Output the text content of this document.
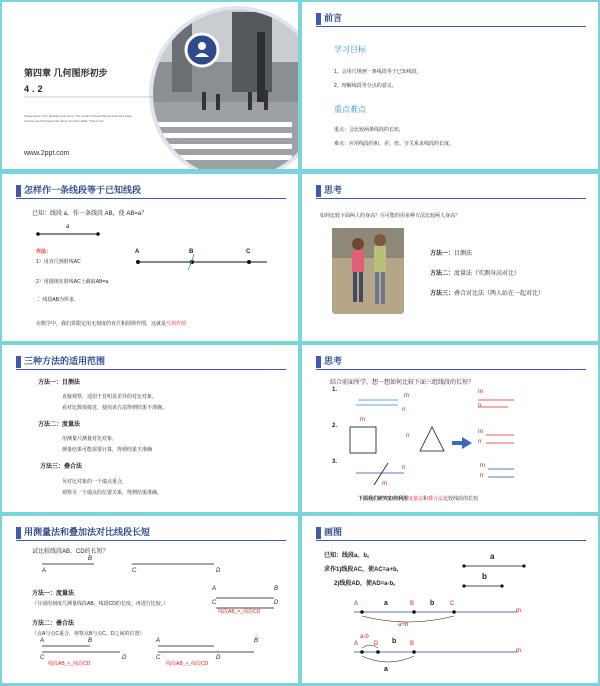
第四章 几何图形初步
4.2
Please Enter Your Detailed Text Here, The Content Should Be Concise And Clear,
Concise And Not Need Too Much Text Per Slide. Thank You!
www.2ppt.com
前言
学习目标
1、会用尺规画一条线段等于已知线段，
2、理解线段等分点的意义。
重点难点
重点：会比较两条线段的长短，
难点：应用线段的和、差、倍、分关系求线段的长度。
怎样作一条线段等于已知线段
已知：线段 a，作一条线段 AB，使 AB=a？
a
A	B	C
作法：
1）用直尺画射线AC
2）用圆规在射线AC上截取AB=a.
∴ 线段AB为所求.
在数学中，我们常限定用无刻度的直尺和圆规作图，这就是尺规作图
思考
如何比较下面两人的身高？尽可能的用多种方法比较两人身高？
方法一：目测法
方法二：度量法（实测身高对比）
方法三：叠合对比法（两人站在一起对比）
三种方法的适用范围
方法一：目测法
直接观察，适用于有明显差异的对比对象，
看对比数值接近，使用该方法得到结果不准确。
方法二：度量法
用测量尺测量对比对象，
测量结果可能需要计算，得到结果不准确
方法三：叠合法
另对比对象的一个端点重合，
观察另一个端点的位置关系，得到结果准确。
思考
结合前面所学，想一想如何比较下面三组线段的长短？
1.
2.
3.
m
n
m
n
m
n
m
n
n
m
m
n
下面我们研究如何利用度量法和叠合法比较线段的长短
用测量法和叠加法对比线段长短
试比较线段AB，CD的长短？
A
B
C	D
方法一：度量法
（分别用刻度尺测量线段AB、线段CD的长度，再进行比较。）
A	B
C	D
线段AB_=_线段CD
方法二：叠合法
（点A与点C重合，观察点B与点C、D之间的位置）
A	B
C	D
线段AB_<_线段CD
A	B
C	D
线段AB_>_线段CD
画图
已知：线段a、b。
求作1)线段AC，使AC=a+b，
2)线段AD，使AD=a-b。
a
b
A	a	B b	C
m
a+b
a-b
b
A	D	B
m
a
